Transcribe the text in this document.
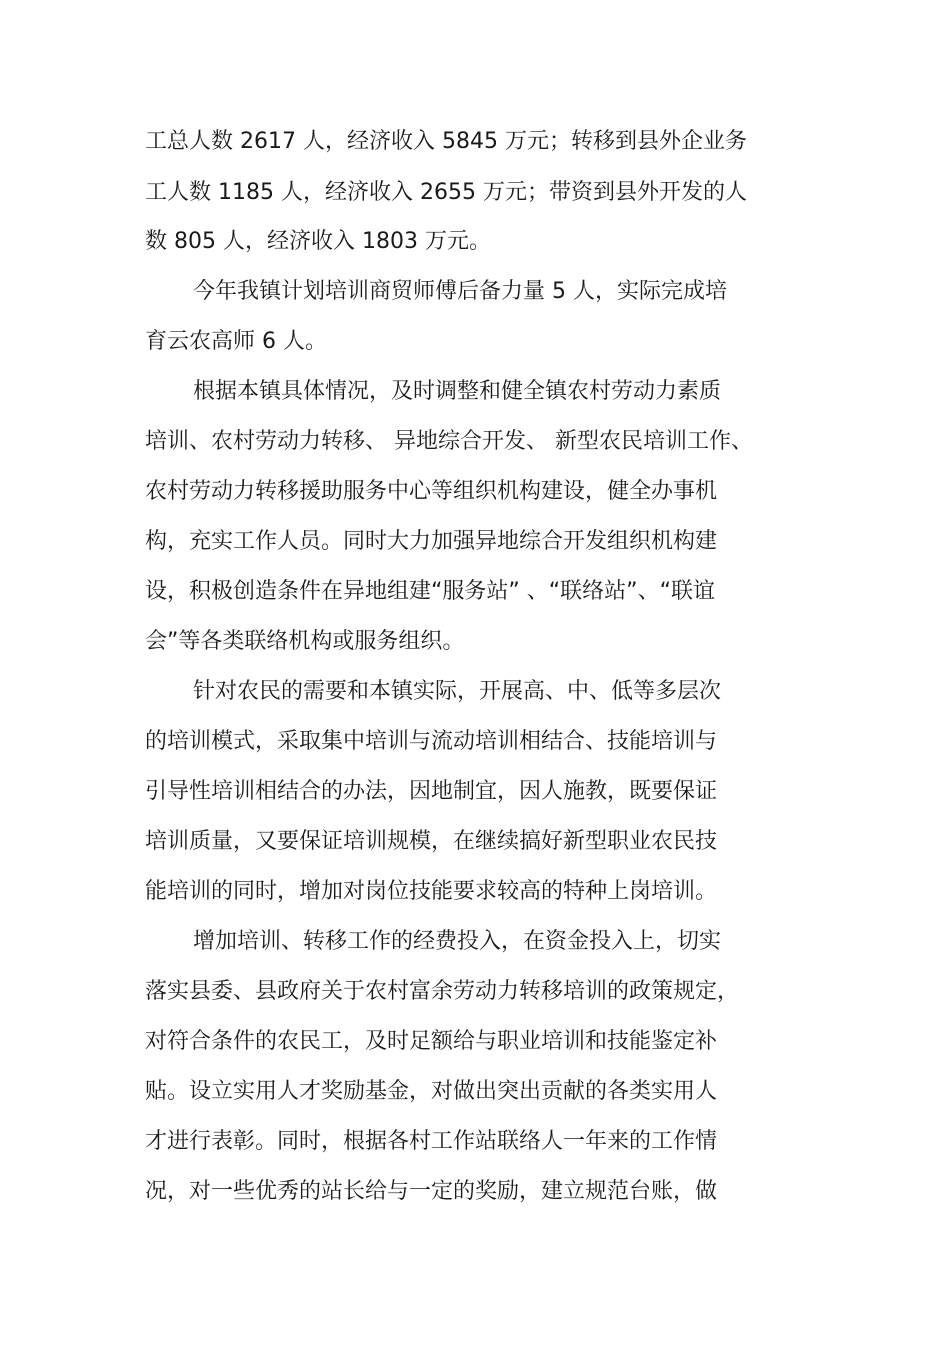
工总人数 2617 人，经济收入 5845 万元；转移到县外企业务
工人数 1185 人，经济收入 2655 万元；带资到县外开发的人
数 805 人，经济收入 1803 万元。
今年我镇计划培训商贸师傅后备力量 5 人，实际完成培
育云农高师 6 人。
根据本镇具体情况，及时调整和健全镇农村劳动力素质
培训、农村劳动力转移、 异地综合开发、 新型农民培训工作、
农村劳动力转移援助服务中心等组织机构建设，健全办事机
构，充实工作人员。同时大力加强异地综合开发组织机构建
设，积极创造条件在异地组建“服务站” 、“联络站”、“联谊
会”等各类联络机构或服务组织。
针对农民的需要和本镇实际，开展高、中、低等多层次
的培训模式，采取集中培训与流动培训相结合、技能培训与
引导性培训相结合的办法，因地制宜，因人施教，既要保证
培训质量，又要保证培训规模，在继续搞好新型职业农民技
能培训的同时，增加对岗位技能要求较高的特种上岗培训。
增加培训、转移工作的经费投入，在资金投入上，切实
落实县委、县政府关于农村富余劳动力转移培训的政策规定，
对符合条件的农民工，及时足额给与职业培训和技能鉴定补
贴。设立实用人才奖励基金，对做出突出贡献的各类实用人
才进行表彰。同时，根据各村工作站联络人一年来的工作情
况，对一些优秀的站长给与一定的奖励，建立规范台账，做
